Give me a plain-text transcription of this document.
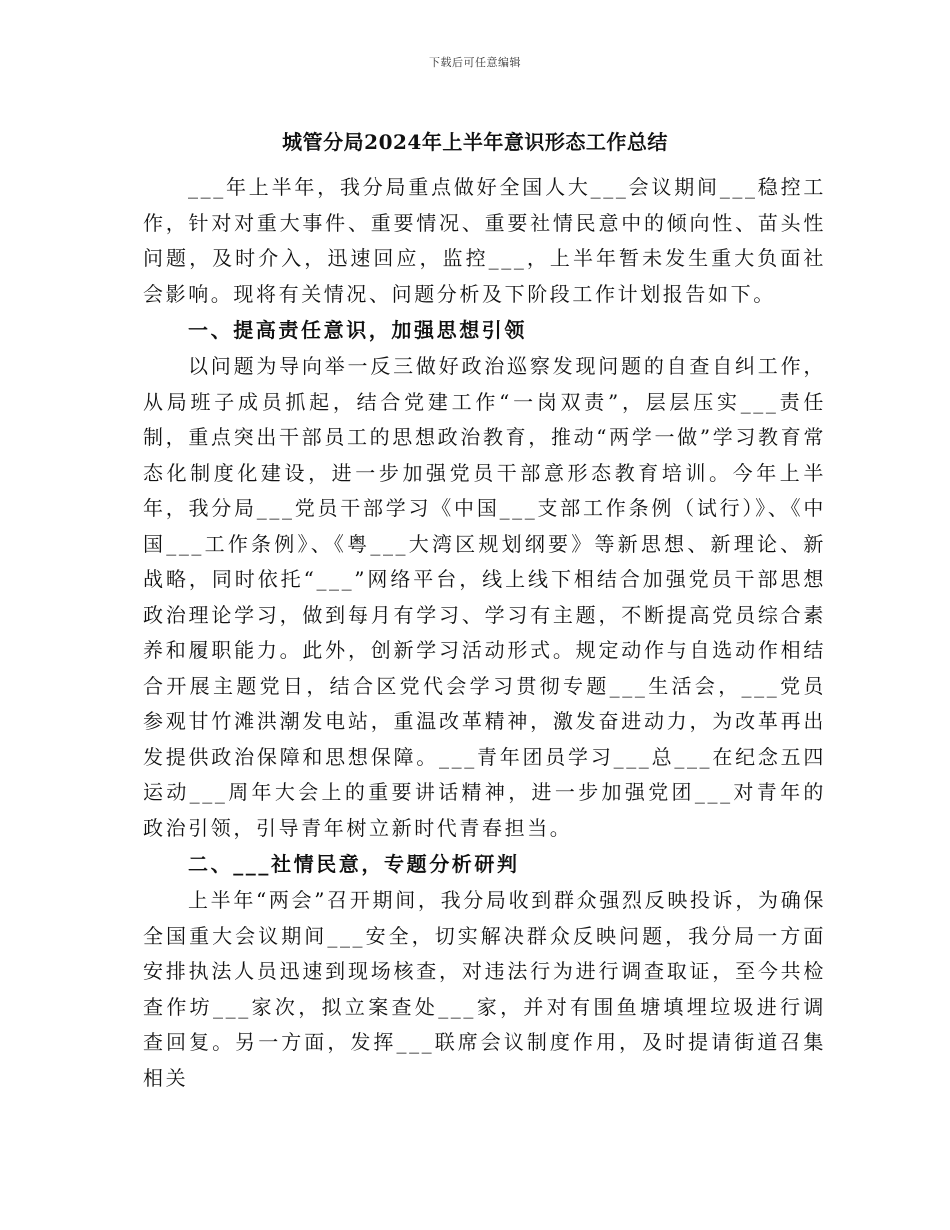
下载后可任意编辑
城管分局2024年上半年意识形态工作总结

___年上半年，我分局重点做好全国人大___会议期间___稳控工作，针对对重大事件、重要情况、重要社情民意中的倾向性、苗头性问题，及时介入，迅速回应，监控___，上半年暂未发生重大负面社会影响。现将有关情况、问题分析及下阶段工作计划报告如下。

一、提高责任意识，加强思想引领

以问题为导向举一反三做好政治巡察发现问题的自查自纠工作，从局班子成员抓起，结合党建工作“一岗双责”，层层压实___责任制，重点突出干部员工的思想政治教育，推动“两学一做”学习教育常态化制度化建设，进一步加强党员干部意形态教育培训。今年上半年，我分局___党员干部学习《中国___支部工作条例（试行）》、《中国___工作条例》、《粤___大湾区规划纲要》等新思想、新理论、新战略，同时依托“___”网络平台，线上线下相结合加强党员干部思想政治理论学习，做到每月有学习、学习有主题，不断提高党员综合素养和履职能力。此外，创新学习活动形式。规定动作与自选动作相结合开展主题党日，结合区党代会学习贯彻专题___生活会，___党员参观甘竹滩洪潮发电站，重温改革精神，激发奋进动力，为改革再出发提供政治保障和思想保障。___青年团员学习___总___在纪念五四运动___周年大会上的重要讲话精神，进一步加强党团___对青年的政治引领，引导青年树立新时代青春担当。

二、___社情民意，专题分析研判

上半年“两会”召开期间，我分局收到群众强烈反映投诉，为确保全国重大会议期间___安全，切实解决群众反映问题，我分局一方面安排执法人员迅速到现场核查，对违法行为进行调查取证，至今共检查作坊___家次，拟立案查处___家，并对有围鱼塘填埋垃圾进行调查回复。另一方面，发挥___联席会议制度作用，及时提请街道召集相关
